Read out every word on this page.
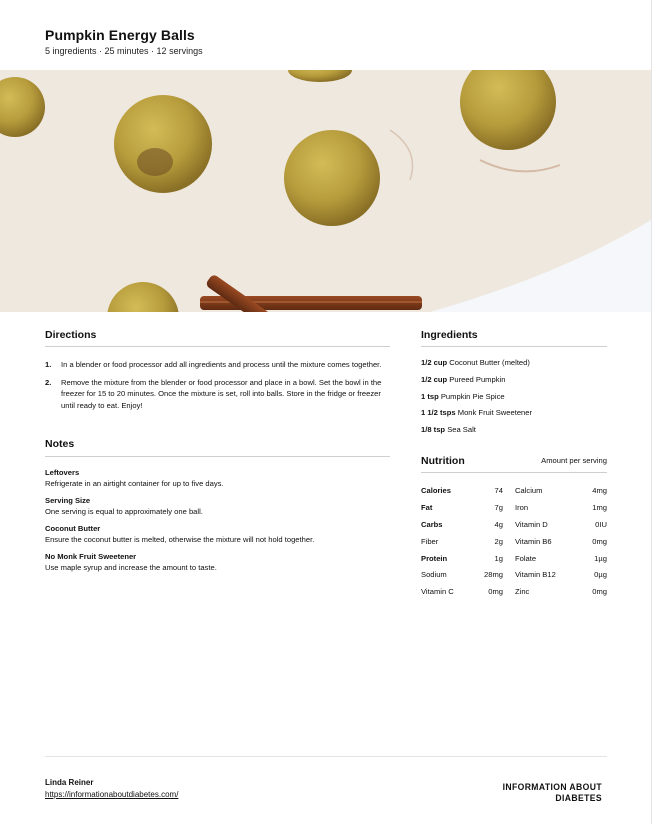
Pumpkin Energy Balls
5 ingredients · 25 minutes · 12 servings
Directions
1. In a blender or food processor add all ingredients and process until the mixture comes together.
2. Remove the mixture from the blender or food processor and place in a bowl. Set the bowl in the freezer for 15 to 20 minutes. Once the mixture is set, roll into balls. Store in the fridge or freezer until ready to eat. Enjoy!
Notes
Leftovers
Refrigerate in an airtight container for up to five days.
Serving Size
One serving is equal to approximately one ball.
Coconut Butter
Ensure the coconut butter is melted, otherwise the mixture will not hold together.
No Monk Fruit Sweetener
Use maple syrup and increase the amount to taste.
Ingredients
1/2 cup Coconut Butter (melted)
1/2 cup Pureed Pumpkin
1 tsp Pumpkin Pie Spice
1 1/2 tsps Monk Fruit Sweetener
1/8 tsp Sea Salt
Nutrition	Amount per serving
Calories	74	Calcium	4mg
Fat	7g	Iron	1mg
Carbs	4g	Vitamin D	0IU
Fiber	2g	Vitamin B6	0mg
Protein	1g	Folate	1µg
Sodium	28mg	Vitamin B12	0µg
Vitamin C	0mg	Zinc	0mg
Linda Reiner
https://informationaboutdiabetes.com/
INFORMATION ABOUT DIABETES
